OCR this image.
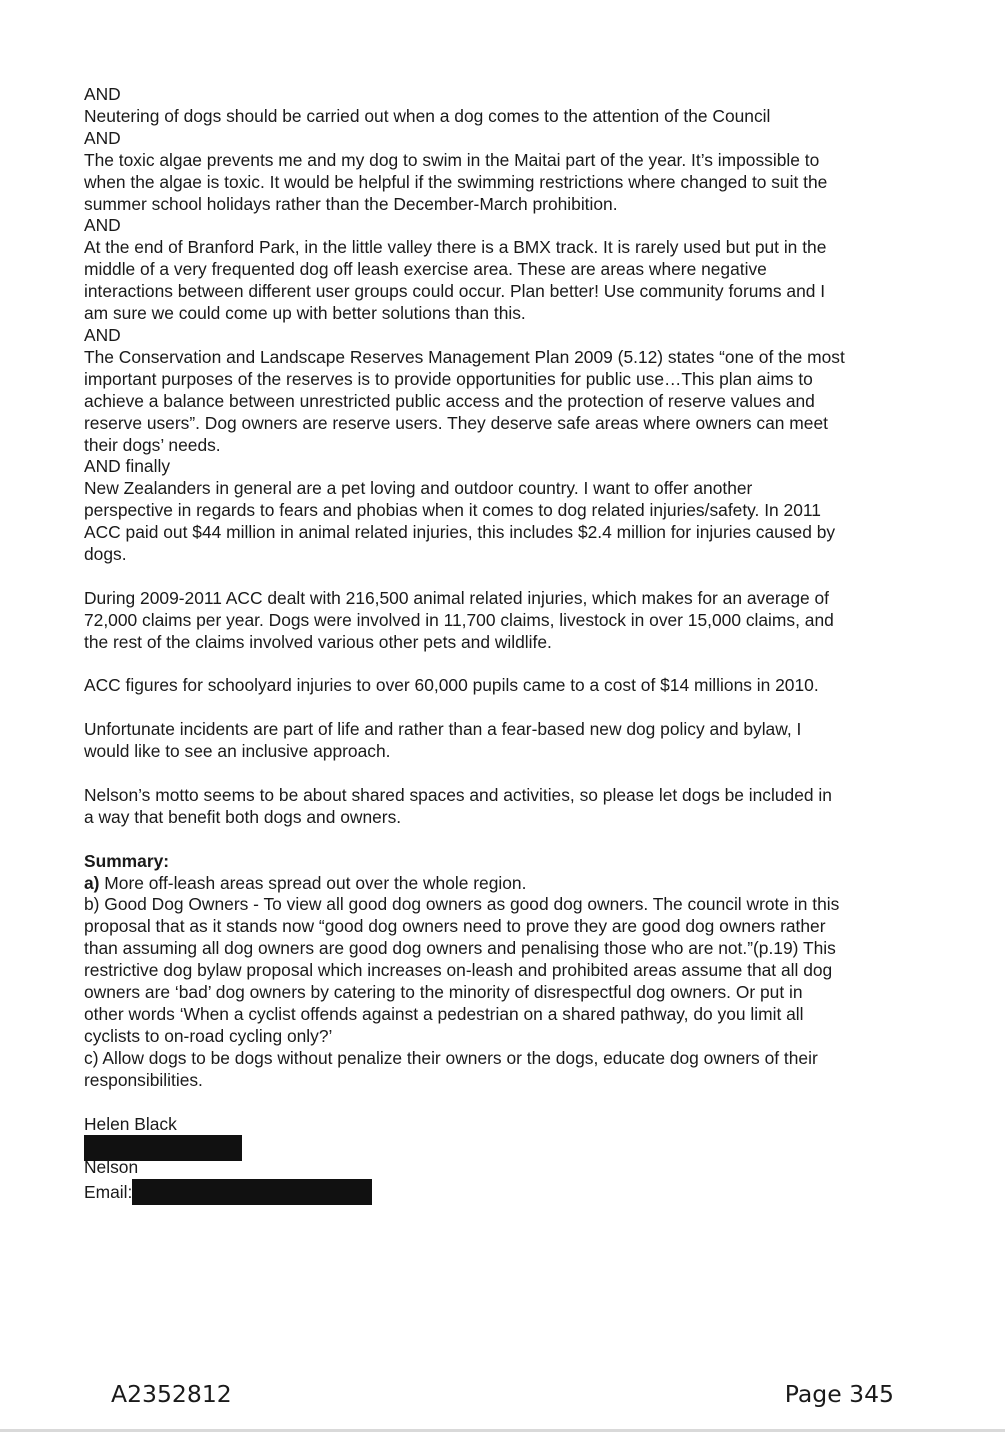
AND
Neutering of dogs should be carried out when a dog comes to the attention of the Council
AND
The toxic algae prevents me and my dog to swim in the Maitai part of the year. It’s impossible to
when the algae is toxic. It would be helpful if the swimming restrictions where changed to suit the
summer school holidays rather than the December-March prohibition.
AND
At the end of Branford Park, in the little valley there is a BMX track. It is rarely used but put in the
middle of a very frequented dog off leash exercise area. These are areas where negative
interactions between different user groups could occur. Plan better! Use community forums and I
am sure we could come up with better solutions than this.
AND
The Conservation and Landscape Reserves Management Plan 2009 (5.12) states “one of the most
important purposes of the reserves is to provide opportunities for public use…This plan aims to
achieve a balance between unrestricted public access and the protection of reserve values and
reserve users”. Dog owners are reserve users. They deserve safe areas where owners can meet
their dogs’ needs.
AND finally
New Zealanders in general are a pet loving and outdoor country. I want to offer another
perspective in regards to fears and phobias when it comes to dog related injuries/safety. In 2011
ACC paid out $44 million in animal related injuries, this includes $2.4 million for injuries caused by
dogs.

During 2009-2011 ACC dealt with 216,500 animal related injuries, which makes for an average of
72,000 claims per year. Dogs were involved in 11,700 claims, livestock in over 15,000 claims, and
the rest of the claims involved various other pets and wildlife.

ACC figures for schoolyard injuries to over 60,000 pupils came to a cost of $14 millions in 2010.

Unfortunate incidents are part of life and rather than a fear-based new dog policy and bylaw, I
would like to see an inclusive approach.

Nelson’s motto seems to be about shared spaces and activities, so please let dogs be included in
a way that benefit both dogs and owners.

Summary:

a) More off-leash areas spread out over the whole region.

b) Good Dog Owners - To view all good dog owners as good dog owners. The council wrote in this
proposal that as it stands now “good dog owners need to prove they are good dog owners rather
than assuming all dog owners are good dog owners and penalising those who are not.”(p.19) This
restrictive dog bylaw proposal which increases on-leash and prohibited areas assume that all dog
owners are ‘bad’ dog owners by catering to the minority of disrespectful dog owners. Or put in
other words ‘When a cyclist offends against a pedestrian on a shared pathway, do you limit all
cyclists to on-road cycling only?’

c) Allow dogs to be dogs without penalize their owners or the dogs, educate dog owners of their
responsibilities.

Helen Black

Nelson

Email:

A2352812	Page 345
